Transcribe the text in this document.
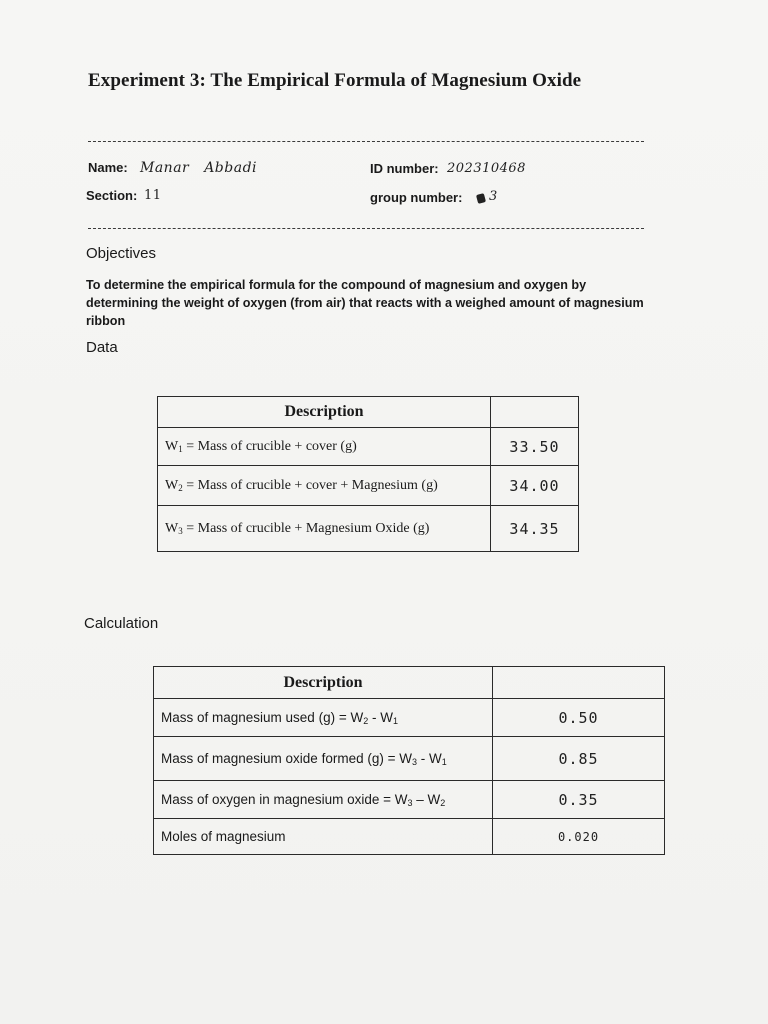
Experiment 3: The Empirical Formula of Magnesium Oxide
Name: Manar Abbadi	ID number: 202310468
Section: 11	group number: 3
Objectives
To determine the empirical formula for the compound of magnesium and oxygen by determining the weight of oxygen (from air) that reacts with a weighed amount of magnesium ribbon
Data
Description	
$W_1$ = Mass of crucible + cover (g)	33.50
$W_2$ = Mass of crucible + cover + Magnesium (g)	34.00
$W_3$ = Mass of crucible + Magnesium Oxide (g)	34.35
Calculation
Description	
Mass of magnesium used $(g) = W_2 - W_1$	0.50
Mass of magnesium oxide formed $(g) = W_3 - W_1$	0.85
Mass of oxygen in magnesium oxide = $W_3 - W_2$	0.35
Moles of magnesium	0.020
